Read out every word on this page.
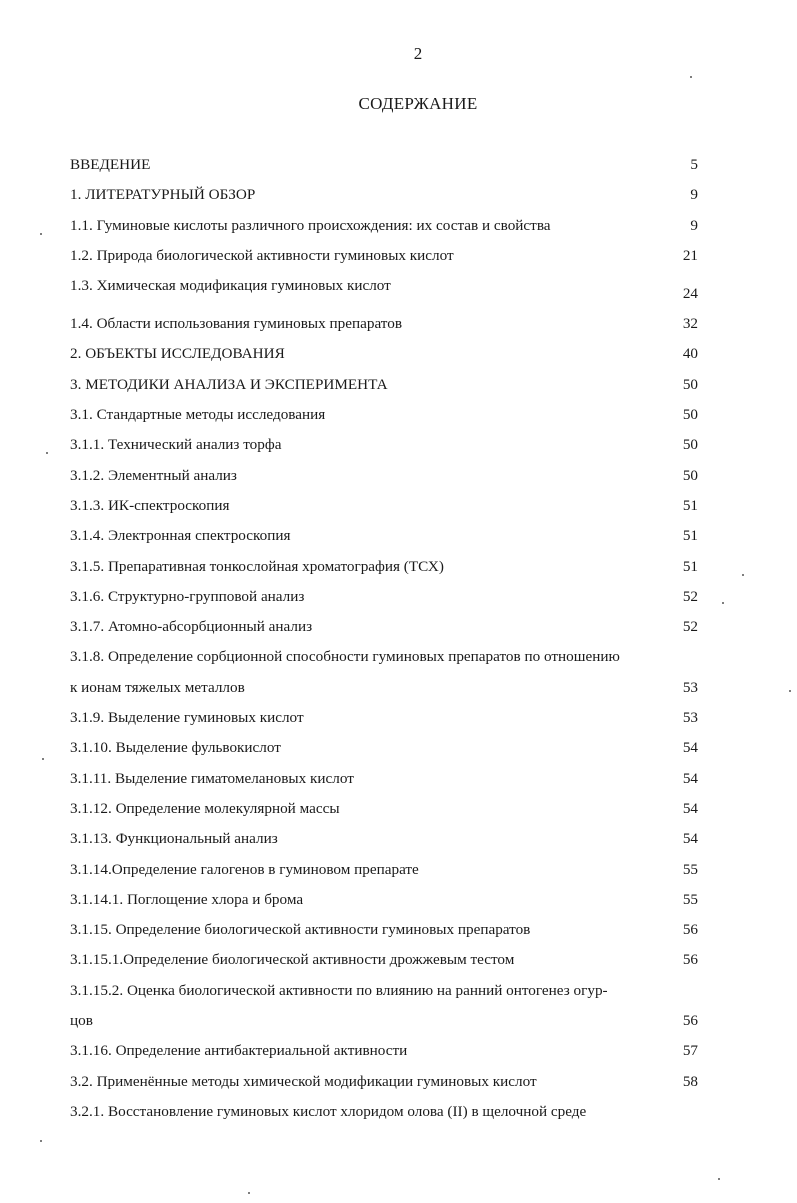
2
СОДЕРЖАНИЕ
ВВЕДЕНИЕ	5
1. ЛИТЕРАТУРНЫЙ ОБЗОР	9
1.1. Гуминовые кислоты различного происхождения: их состав и свойства	9
1.2. Природа биологической активности гуминовых кислот	21
1.3. Химическая модификация гуминовых кислот	24
1.4. Области использования гуминовых препаратов	32
2. ОБЪЕКТЫ ИССЛЕДОВАНИЯ	40
3. МЕТОДИКИ АНАЛИЗА И ЭКСПЕРИМЕНТА	50
3.1. Стандартные методы исследования	50
3.1.1. Технический анализ торфа	50
3.1.2. Элементный анализ	50
3.1.3. ИК-спектроскопия	51
3.1.4. Электронная спектроскопия	51
3.1.5. Препаративная тонкослойная хроматография (ТСХ)	51
3.1.6. Структурно-групповой анализ	52
3.1.7. Атомно-абсорбционный анализ	52
3.1.8. Определение сорбционной способности гуминовых препаратов по отношению
к ионам тяжелых металлов	53
3.1.9. Выделение гуминовых кислот	53
3.1.10. Выделение фульвокислот	54
3.1.11. Выделение гиматомелановых кислот	54
3.1.12. Определение молекулярной массы	54
3.1.13. Функциональный анализ	54
3.1.14.Определение галогенов в гуминовом препарате	55
3.1.14.1. Поглощение хлора и брома	55
3.1.15. Определение биологической активности гуминовых препаратов	56
3.1.15.1.Определение биологической активности дрожжевым тестом	56
3.1.15.2. Оценка биологической активности по влиянию на ранний онтогенез огур-
цов	56
3.1.16. Определение антибактериальной активности	57
3.2. Применённые методы химической модификации гуминовых кислот	58
3.2.1. Восстановление гуминовых кислот хлоридом олова (II) в щелочной среде
